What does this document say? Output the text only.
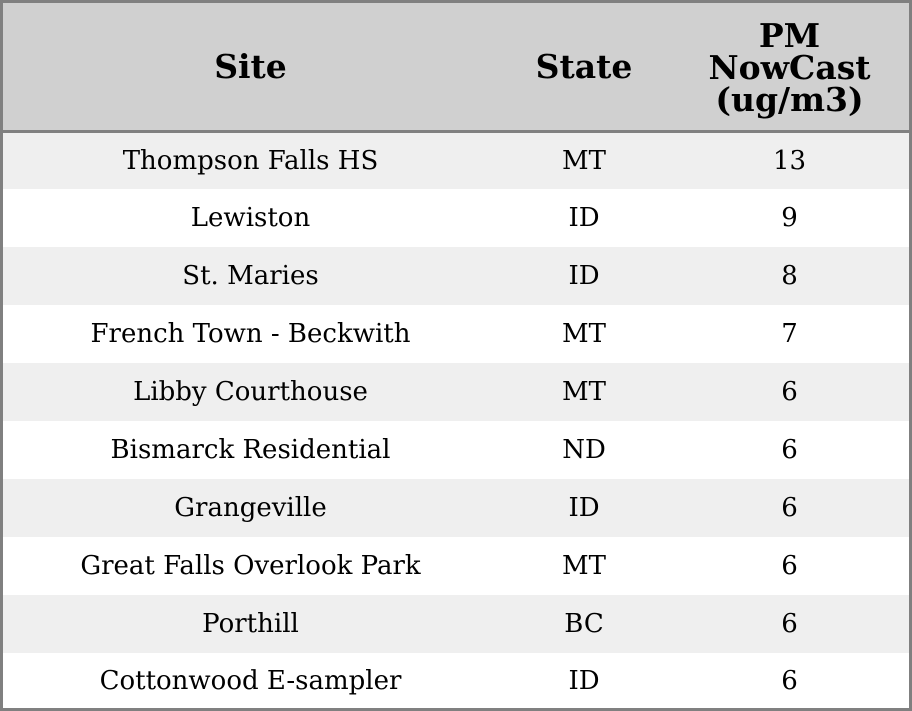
Site	State	PM
NowCast
(ug/m3)

Thompson Falls HS	MT	13
Lewiston	ID	9
St. Maries	ID	8
French Town - Beckwith	MT	7
Libby Courthouse	MT	6
Bismarck Residential	ND	6
Grangeville	ID	6
Great Falls Overlook Park	MT	6
Porthill	BC	6
Cottonwood E-sampler	ID	6
